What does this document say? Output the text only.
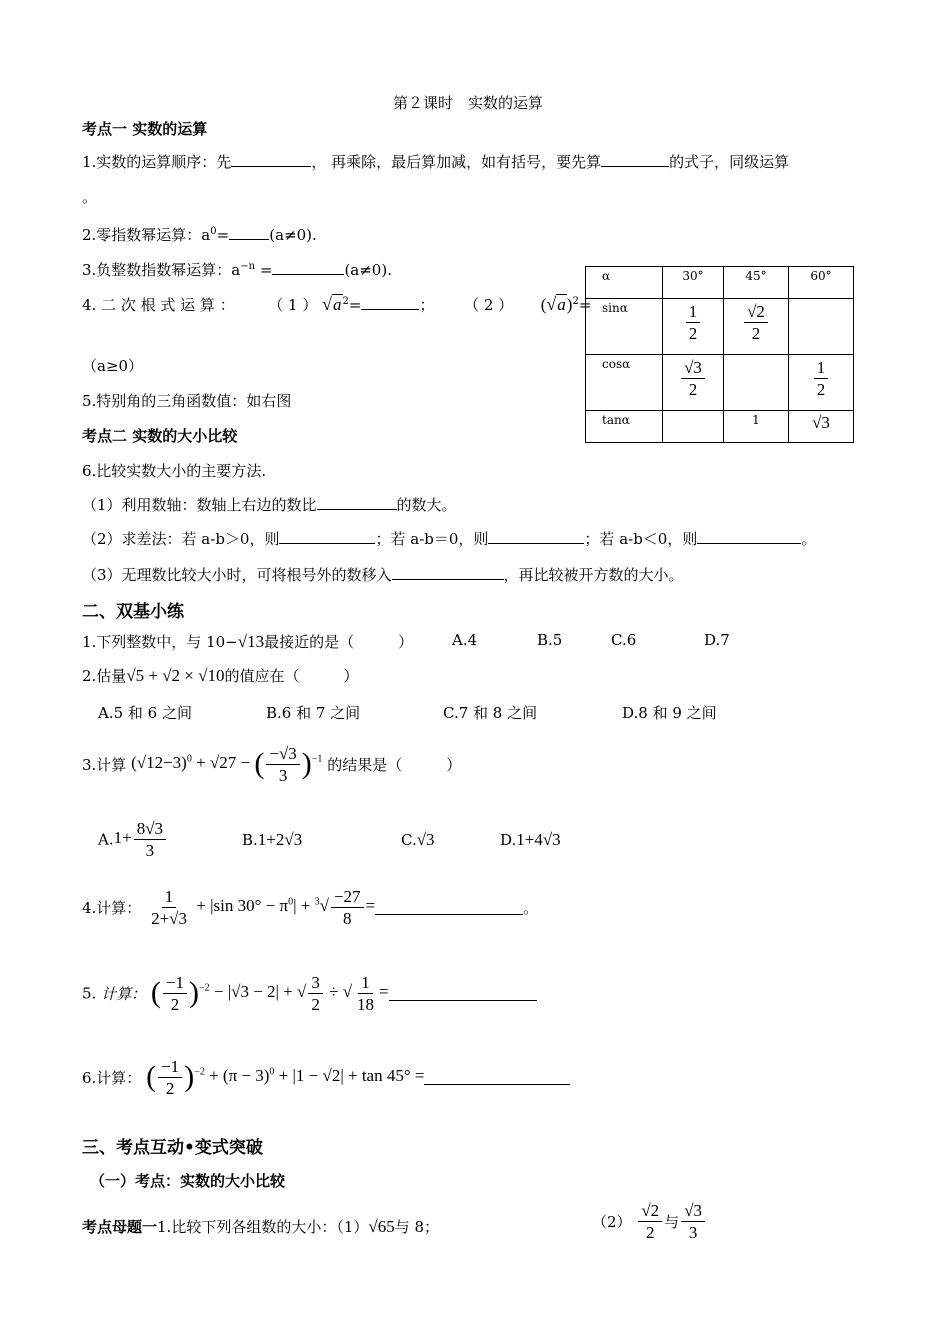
第２课时　实数的运算
考点一 实数的运算
1.实数的运算顺序：先	， 再乘除，最后算加减，如有括号，要先算	的式子，同级运算
。
2.零指数幂运算：$a^0=$	(a≠0).
3.负整数指数幂运算：$a^{-n}$ =	(a≠0).
4. 二 次 根 式 运 算 ： （ 1 ） $√a^2=$	；  （ 2 ） $(√a)^2=$
（a≥0）
5.特别角的三角函数值：如右图
α	30°	45°	60°
sinα	$\frac{1}{2}$	$\frac{√2}{2}$

cosα	$\frac{√3}{2}$		$\frac{1}{2}$

tanα		1	√3
考点二 实数的大小比较
6.比较实数大小的主要方法.
（1）利用数轴：数轴上右边的数比	的数大。
（2）求差法：若 a-b＞0，则	；若 a-b＝0，则	；若 a-b＜0，则	。
（3）无理数比较大小时，可将根号外的数移入	，再比较被开方数的大小。
二、双基小练
1.下列整数中，与 10−√13最接近的是（	）	A.4	B.5	C.6	D.7
2.估量√5 + √2 × √10的值应在（	）
A.5 和 6 之间	B.6 和 7 之间	C.7 和 8 之间	D.8 和 9 之间
3.计算 $(√12-3)^0 + √27$ − ( $\frac{-√3}{3} )^{-1}$ 的结果是（	）
$A.1+ \frac{8√3}{3}$	B.1+2√3	C.√3	D.1+4√3
4.计算： $\frac{1}{2+√3} + |\sin$ $30^\circ - \pi^0| + ^3√ \frac{-27}{8}$ =	。
5. 计算： ( $\frac{-1}{2} )^{-2} - |√3 - 2|$ + √ $\frac{3}{2}$ ÷ √ $\frac{1}{18}$ =
6.计算： ( $\frac{-1}{2} )^{-2} + (\pi - 3)^0 + |1 - √2| + \tan 45^\circ$ =
三、考点互动•变式突破
（一）考点：实数的大小比较
考点母题一1.比较下列各组数的大小：（1）√65与 8；	$(2) \frac{√2}{2}$ 与 $\frac{√3}{3}$
